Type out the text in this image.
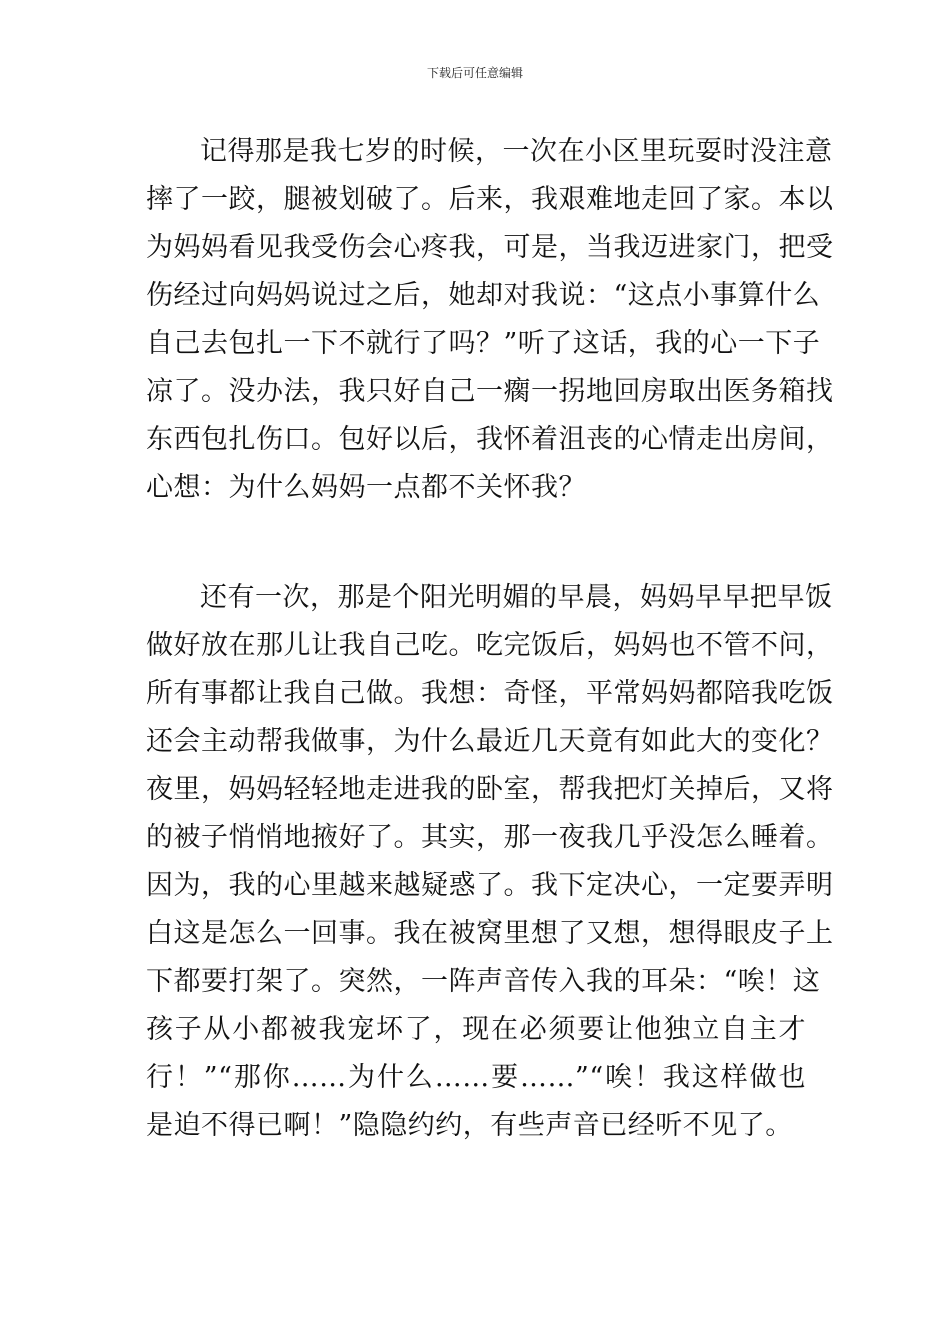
下载后可任意编辑
记得那是我七岁的时候，一次在小区里玩耍时没注意
摔了一跤，腿被划破了。后来，我艰难地走回了家。本以
为妈妈看见我受伤会心疼我，可是，当我迈进家门，把受
伤经过向妈妈说过之后，她却对我说：“这点小事算什么
自己去包扎一下不就行了吗？”听了这话，我的心一下子
凉了。没办法，我只好自己一瘸一拐地回房取出医务箱找
东西包扎伤口。包好以后，我怀着沮丧的心情走出房间，
心想：为什么妈妈一点都不关怀我？
还有一次，那是个阳光明媚的早晨，妈妈早早把早饭
做好放在那儿让我自己吃。吃完饭后，妈妈也不管不问，
所有事都让我自己做。我想：奇怪，平常妈妈都陪我吃饭
还会主动帮我做事，为什么最近几天竟有如此大的变化？
夜里，妈妈轻轻地走进我的卧室，帮我把灯关掉后，又将
的被子悄悄地掖好了。其实，那一夜我几乎没怎么睡着。
因为，我的心里越来越疑惑了。我下定决心，一定要弄明
白这是怎么一回事。我在被窝里想了又想，想得眼皮子上
下都要打架了。突然，一阵声音传入我的耳朵：“唉！这
孩子从小都被我宠坏了，现在必须要让他独立自主才
行！”“那你……为什么……要……”“唉！我这样做也
是迫不得已啊！”隐隐约约，有些声音已经听不见了。
